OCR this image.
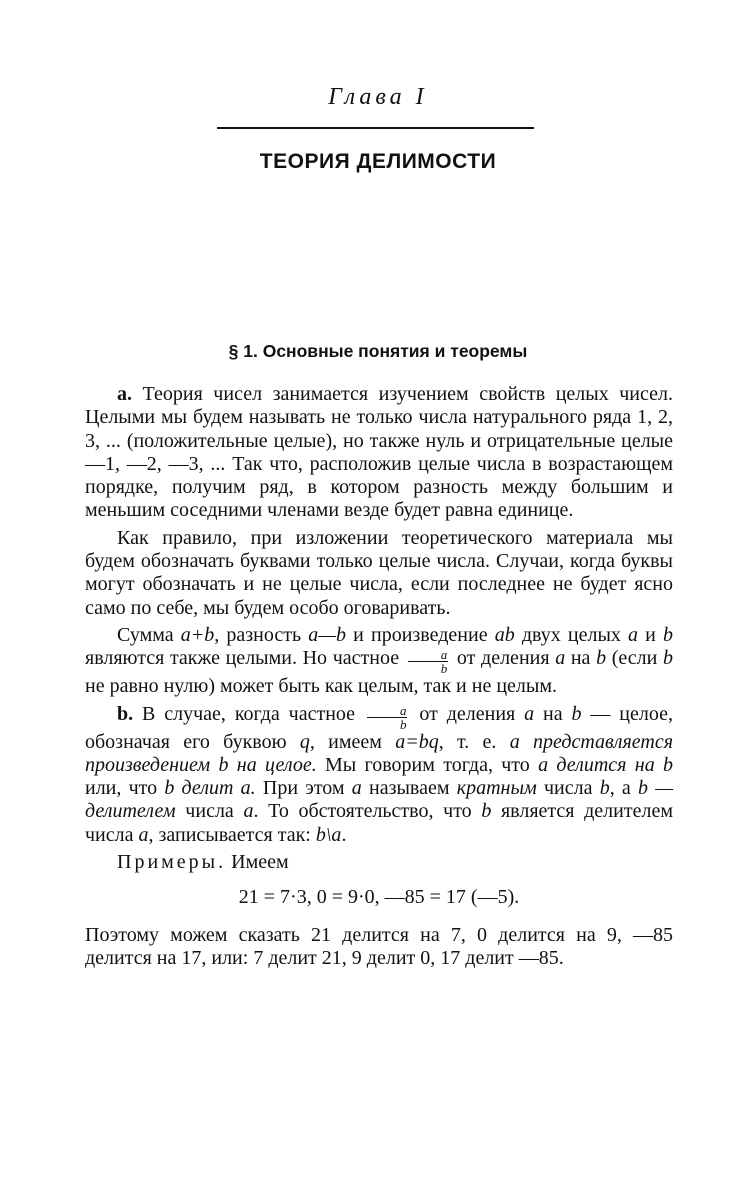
Глава I
ТЕОРИЯ ДЕЛИМОСТИ
§ 1. Основные понятия и теоремы

а. Теория чисел занимается изучением свойств целых чисел. Целыми мы будем называть не только числа натурального ряда 1, 2, 3, ... (положительные целые), но также нуль и отрицательные целые —1, —2, —3, ... Так что, расположив целые числа в возрастающем порядке, получим ряд, в котором разность между большим и меньшим соседними членами везде будет равна единице.

Как правило, при изложении теоретического материала мы будем обозначать буквами только целые числа. Случаи, когда буквы могут обозначать и не целые числа, если последнее не будет ясно само по себе, мы будем особо оговаривать.

Сумма a+b, разность a—b и произведение ab двух целых a и b являются также целыми. Но частное $\frac{a}{b}$ от деления a на b (если b не равно нулю) может быть как целым, так и не целым.

b. В случае, когда частное $\frac{a}{b}$ от деления a на b — целое, обозначая его буквою q, имеем a=bq, т. е. a представляется произведением b на целое. Мы говорим тогда, что a делится на b или, что b делит a. При этом a называем кратным числа b, а b — делителем числа a. То обстоятельство, что b является делителем числа a, записывается так: b\a.

Примеры. Имеем

21 = 7·3, 0 = 9·0, —85 = 17 (—5).

Поэтому можем сказать 21 делится на 7, 0 делится на 9, —85 делится на 17, или: 7 делит 21, 9 делит 0, 17 делит —85.
